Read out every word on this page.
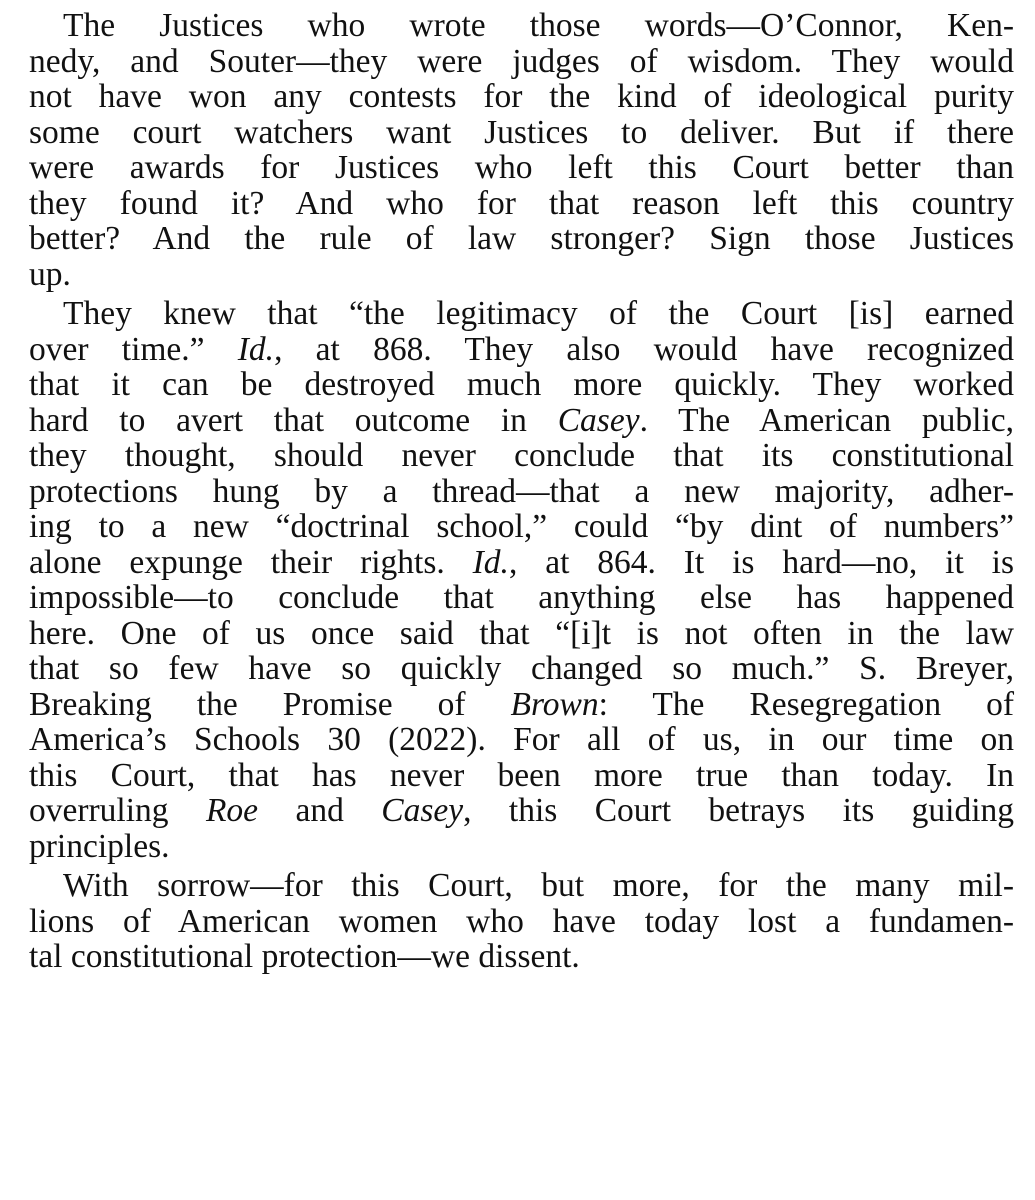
The Justices who wrote those words—O’Connor, Ken-
nedy, and Souter—they were judges of wisdom. They would
not have won any contests for the kind of ideological purity
some court watchers want Justices to deliver. But if there
were awards for Justices who left this Court better than
they found it? And who for that reason left this country
better? And the rule of law stronger? Sign those Justices
up.

They knew that “the legitimacy of the Court [is] earned
over time.” Id., at 868. They also would have recognized
that it can be destroyed much more quickly. They worked
hard to avert that outcome in Casey. The American public,
they thought, should never conclude that its constitutional
protections hung by a thread—that a new majority, adher-
ing to a new “doctrinal school,” could “by dint of numbers”
alone expunge their rights. Id., at 864. It is hard—no, it is
impossible—to conclude that anything else has happened
here. One of us once said that “[i]t is not often in the law
that so few have so quickly changed so much.” S. Breyer,
Breaking the Promise of Brown: The Resegregation of
America’s Schools 30 (2022). For all of us, in our time on
this Court, that has never been more true than today. In
overruling Roe and Casey, this Court betrays its guiding
principles.

With sorrow—for this Court, but more, for the many mil-
lions of American women who have today lost a fundamen-
tal constitutional protection—we dissent.
